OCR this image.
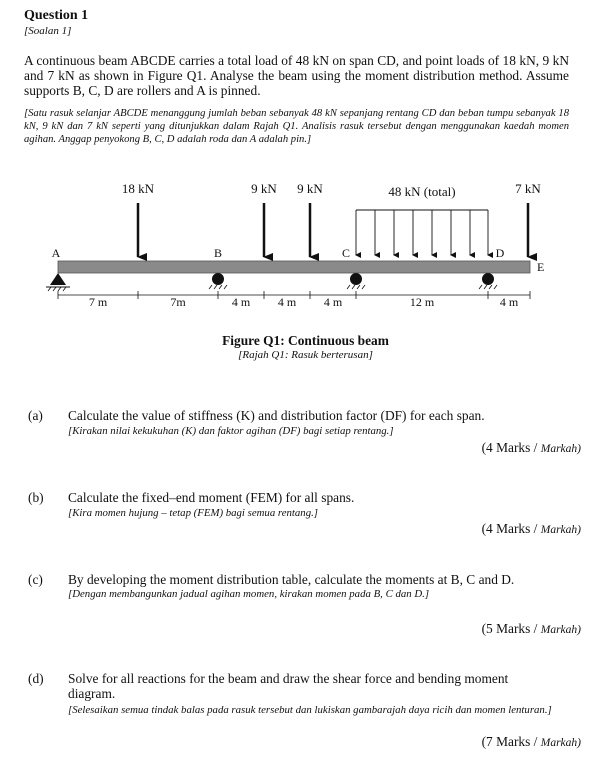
Question 1
[Soalan 1]
A continuous beam ABCDE carries a total load of 48 kN on span CD, and point loads of 18 kN, 9 kN and 7 kN as shown in Figure Q1. Analyse the beam using the moment distribution method. Assume supports B, C, D are rollers and A is pinned.
[Satu rasuk selanjar ABCDE menanggung jumlah beban sebanyak 48 kN sepanjang rentang CD dan beban tumpu sebanyak 18 kN, 9 kN dan 7 kN seperti yang ditunjukkan dalam Rajah Q1. Analisis rasuk tersebut dengan menggunakan kaedah momen agihan. Anggap penyokong B, C, D adalah roda dan A adalah pin.]
18 kN	9 kN 9 kN	48 kN (total)	7 kN
A	B	C	D
E
7 m	7m	4 m 4 m 4 m	12 m	4 m
Figure Q1: Continuous beam
[Rajah Q1: Rasuk berterusan]
(a) Calculate the value of stiffness (K) and distribution factor (DF) for each span.
[Kirakan nilai kekukuhan (K) dan faktor agihan (DF) bagi setiap rentang.]
(4 Marks / Markah)
(b) Calculate the fixed–end moment (FEM) for all spans.
[Kira momen hujung – tetap (FEM) bagi semua rentang.]
(4 Marks / Markah)
(c) By developing the moment distribution table, calculate the moments at B, C and D.
[Dengan membangunkan jadual agihan momen, kirakan momen pada B, C dan D.]
(5 Marks / Markah)
(d) Solve for all reactions for the beam and draw the shear force and bending moment diagram.
[Selesaikan semua tindak balas pada rasuk tersebut dan lukiskan gambarajah daya ricih dan momen lenturan.]
(7 Marks / Markah)
